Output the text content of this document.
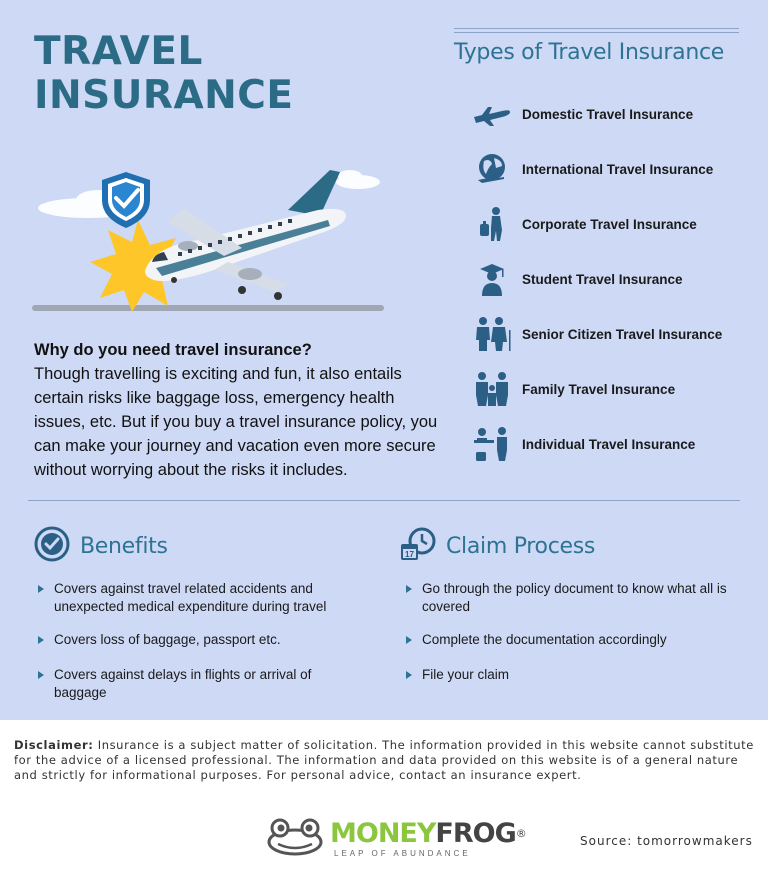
TRAVEL
INSURANCE
Why do you need travel insurance?
Though travelling is exciting and fun, it also entails certain risks like baggage loss, emergency health issues, etc. But if you buy a travel insurance policy, you can make your journey and vacation even more secure without worrying about the risks it includes.
Types of Travel Insurance
Domestic Travel Insurance
International Travel Insurance
Corporate Travel Insurance
Student Travel Insurance
Senior Citizen Travel Insurance
Family Travel Insurance
Individual Travel Insurance
Benefits
Covers against travel related accidents and unexpected medical expenditure during travel
Covers loss of baggage, passport etc.
Covers against delays in flights or arrival of baggage
17 Claim Process
Go through the policy document to know what all is covered
Complete the documentation accordingly
File your claim
Disclaimer: Insurance is a subject matter of solicitation. The information provided in this website cannot substitute for the advice of a licensed professional. The information and data provided on this website is of a general nature and strictly for informational purposes. For personal advice, contact an insurance expert.
MONEYFROG®
LEAP OF ABUNDANCE
Source: tomorrowmakers
